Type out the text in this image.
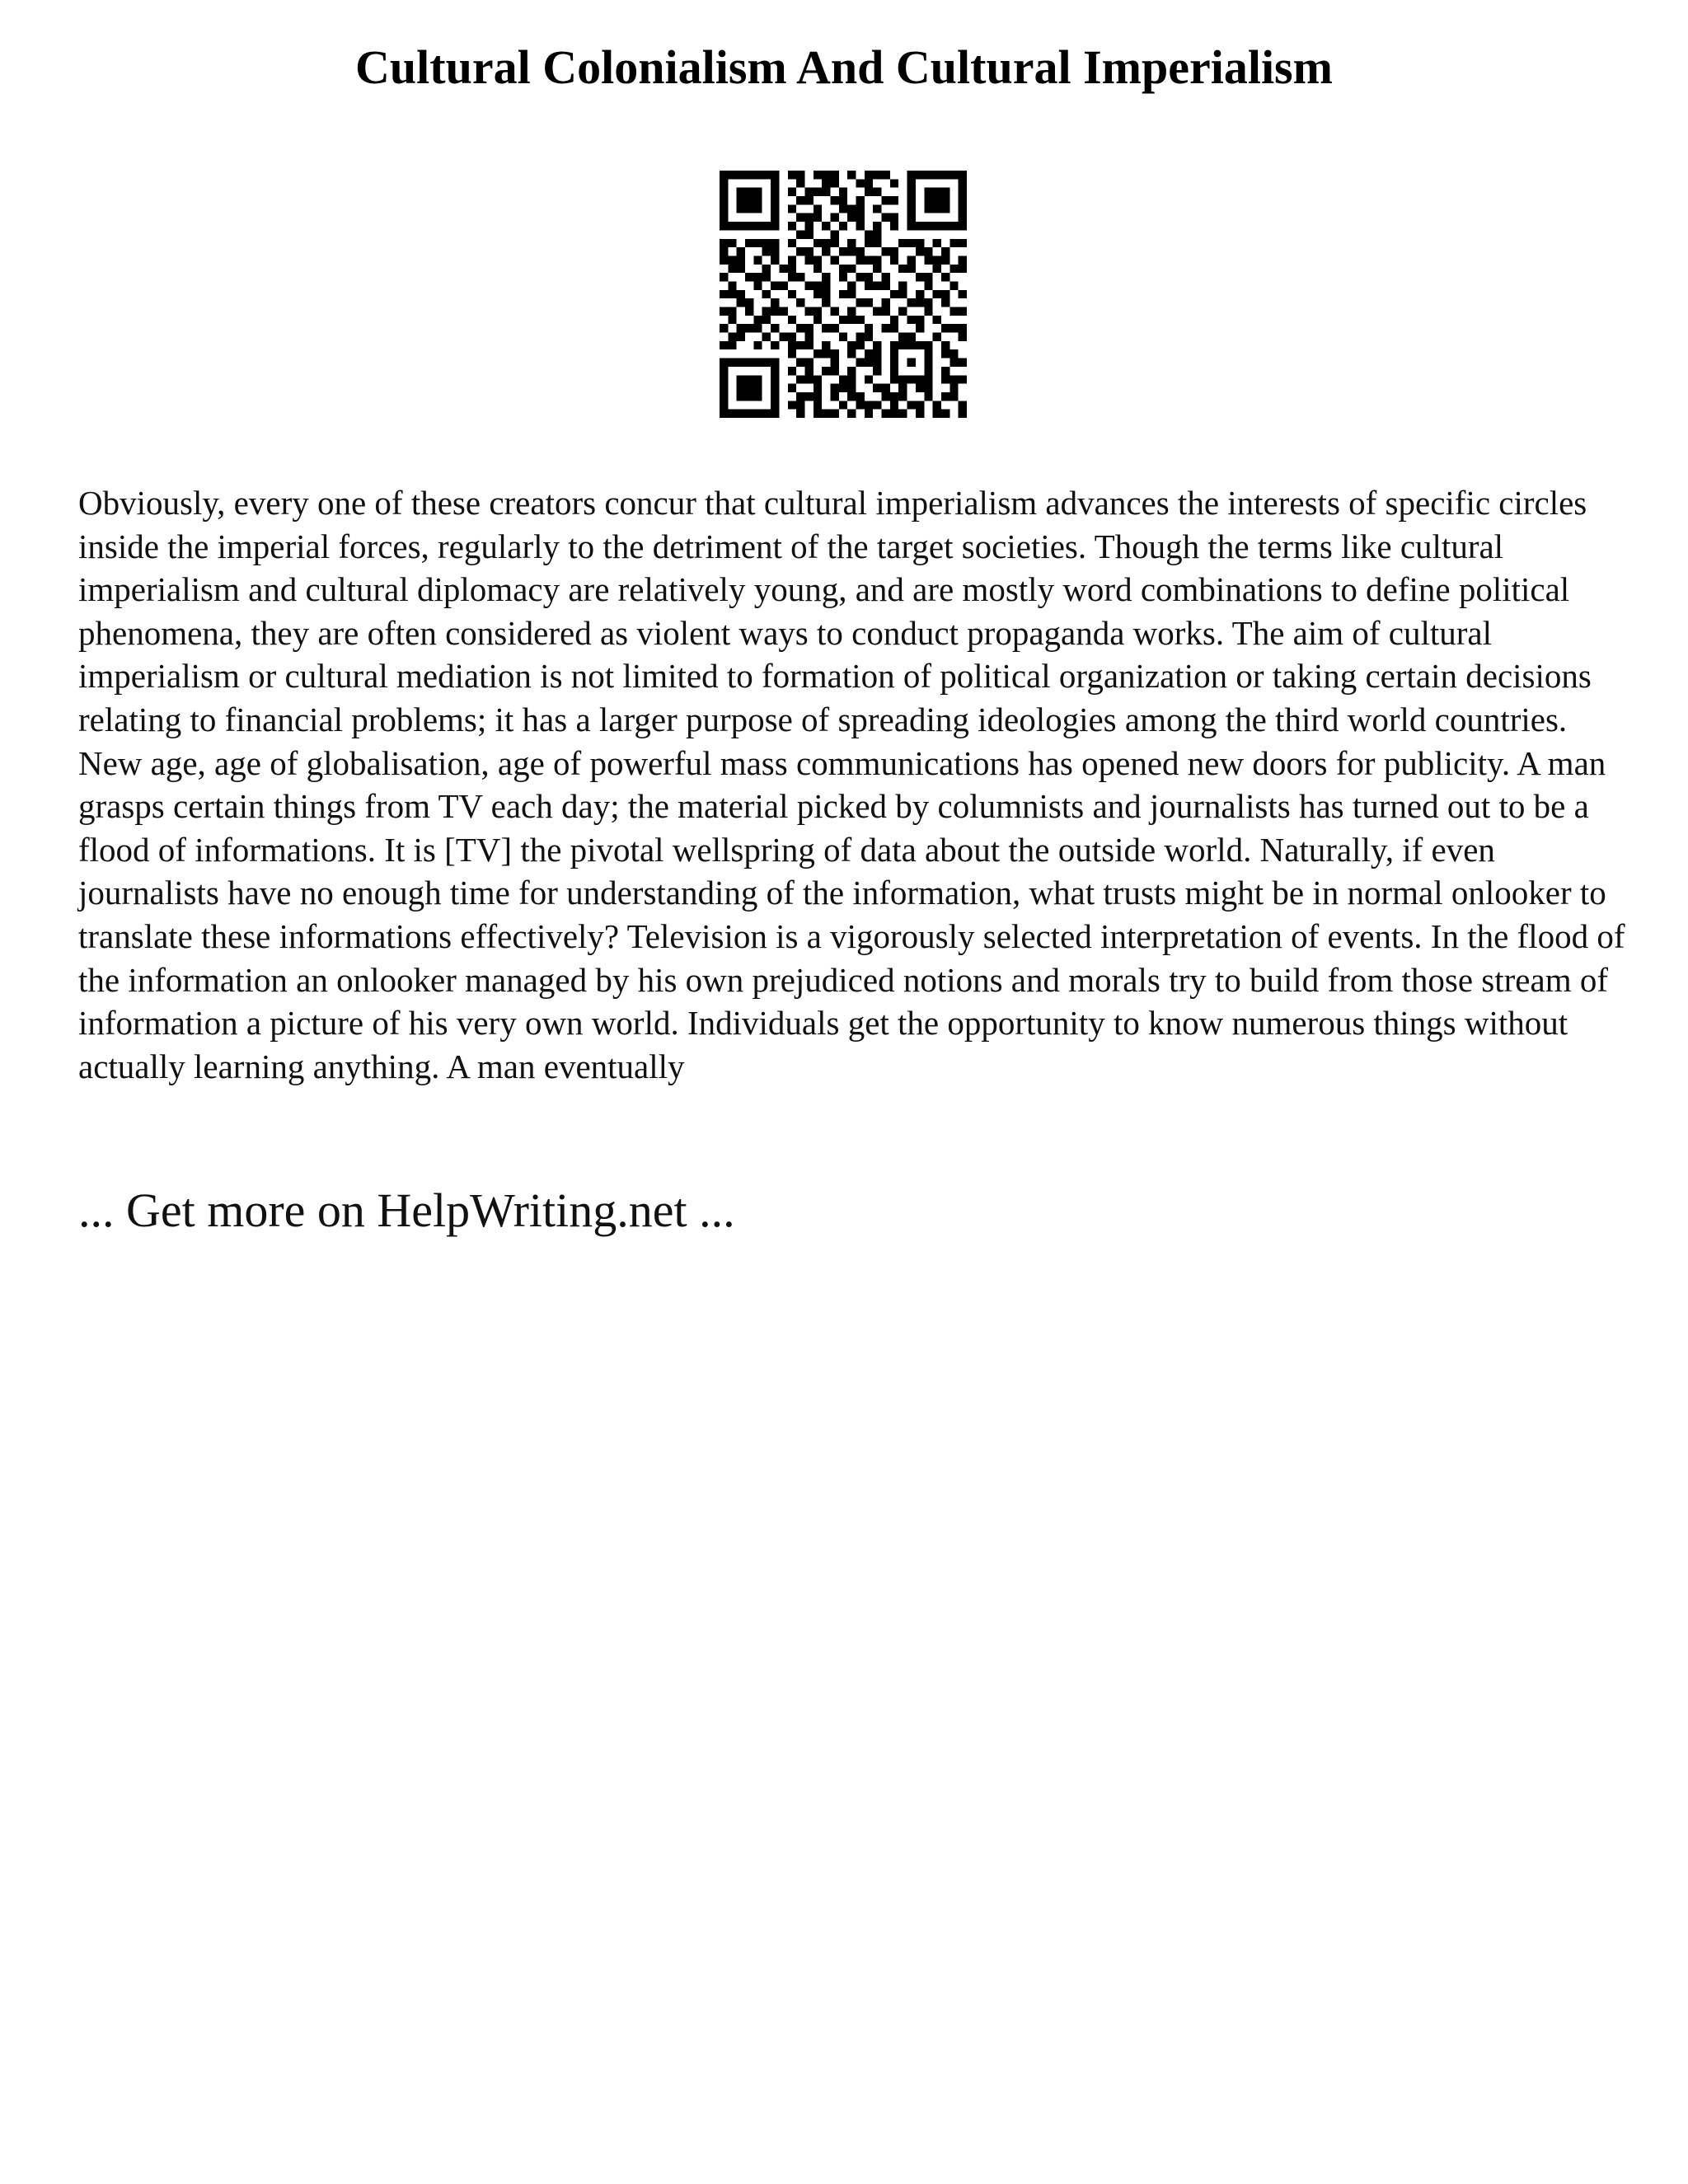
Cultural Colonialism And Cultural Imperialism

Obviously, every one of these creators concur that cultural imperialism advances the interests of specific circles inside the imperial forces, regularly to the detriment of the target societies. Though the terms like cultural imperialism and cultural diplomacy are relatively young, and are mostly word combinations to define political phenomena, they are often considered as violent ways to conduct propaganda works. The aim of cultural imperialism or cultural mediation is not limited to formation of political organization or taking certain decisions relating to financial problems; it has a larger purpose of spreading ideologies among the third world countries. New age, age of globalisation, age of powerful mass communications has opened new doors for publicity. A man grasps certain things from TV each day; the material picked by columnists and journalists has turned out to be a flood of informations. It is [TV] the pivotal wellspring of data about the outside world. Naturally, if even journalists have no enough time for understanding of the information, what trusts might be in normal onlooker to translate these informations effectively? Television is a vigorously selected interpretation of events. In the flood of the information an onlooker managed by his own prejudiced notions and morals try to build from those stream of information a picture of his very own world. Individuals get the opportunity to know numerous things without actually learning anything. A man eventually

... Get more on HelpWriting.net ...
